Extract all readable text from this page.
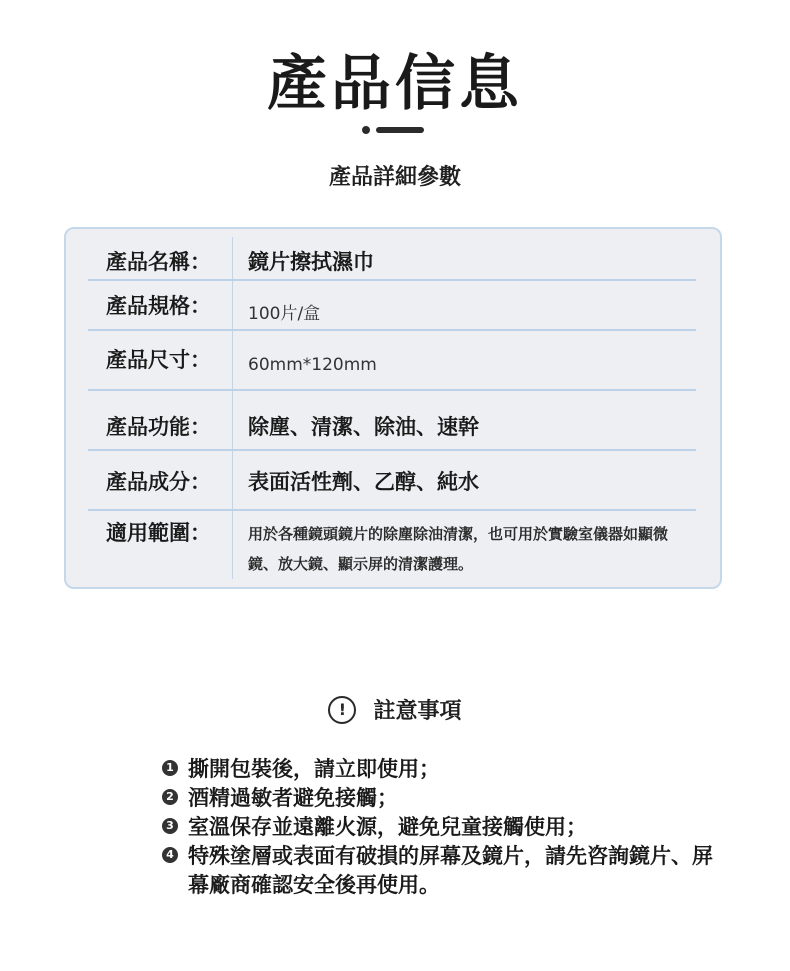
產品信息
產品詳細參數
產品名稱： 鏡片擦拭濕巾
產品規格： 100片/盒
產品尺寸： 60mm*120mm
產品功能： 除塵、清潔、除油、速幹
產品成分： 表面活性劑、乙醇、純水
適用範圍： 用於各種鏡頭鏡片的除塵除油清潔，也可用於實驗室儀器如顯微鏡、放大鏡、顯示屏的清潔護理。
! 註意事項
1 撕開包裝後，請立即使用；
2 酒精過敏者避免接觸；
3 室溫保存並遠離火源，避免兒童接觸使用；
4 特殊塗層或表面有破損的屏幕及鏡片，請先咨詢鏡片、屏幕廠商確認安全後再使用。
